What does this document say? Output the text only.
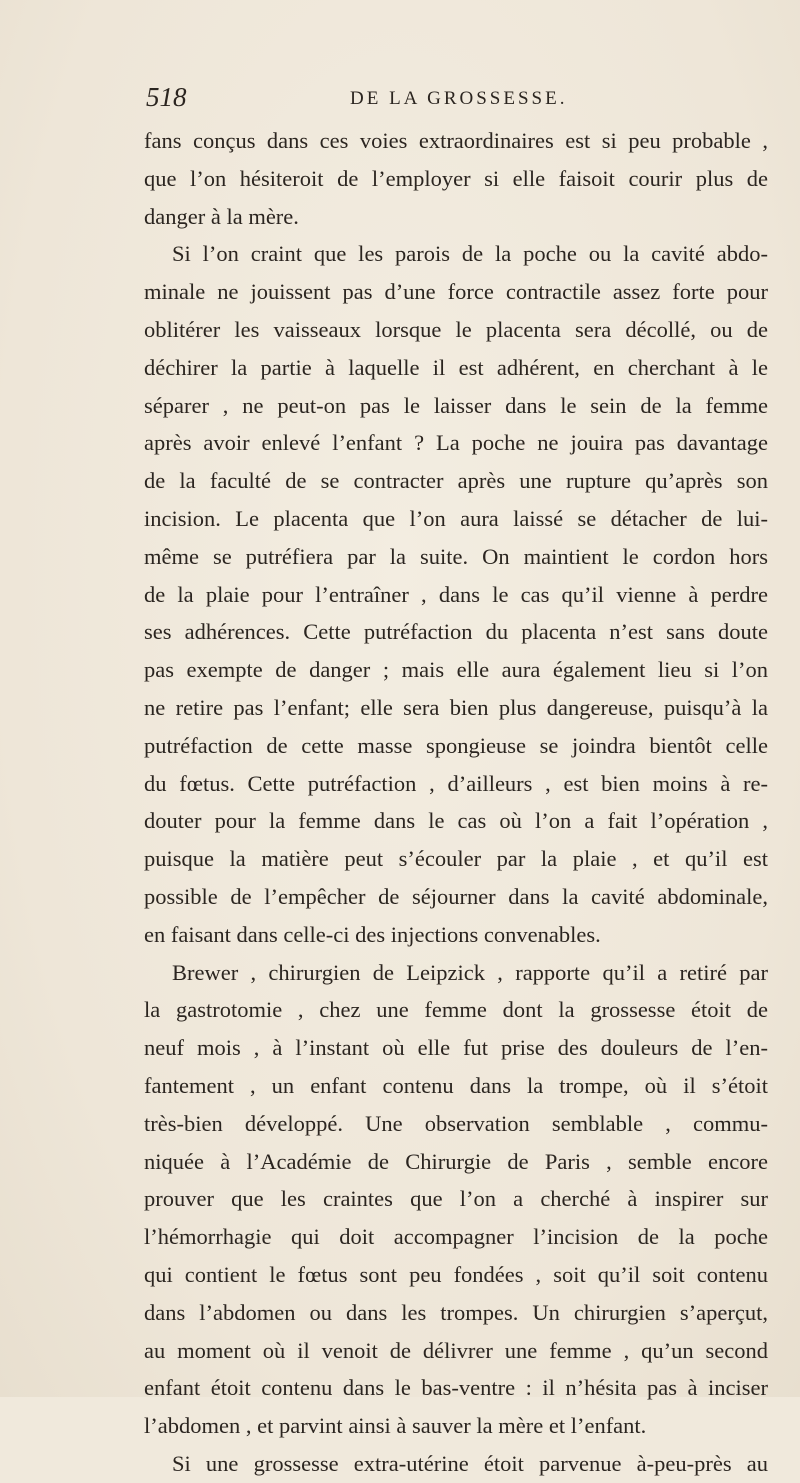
518	DE LA GROSSESSE.
fans conçus dans ces voies extraordinaires est si peu probable ,
que l’on hésiteroit de l’employer si elle faisoit courir plus de
danger à la mère.
Si l’on craint que les parois de la poche ou la cavité abdo-
minale ne jouissent pas d’une force contractile assez forte pour
oblitérer les vaisseaux lorsque le placenta sera décollé, ou de
déchirer la partie à laquelle il est adhérent, en cherchant à le
séparer , ne peut-on pas le laisser dans le sein de la femme
après avoir enlevé l’enfant ? La poche ne jouira pas davantage
de la faculté de se contracter après une rupture qu’après son
incision. Le placenta que l’on aura laissé se détacher de lui-
même se putréfiera par la suite. On maintient le cordon hors
de la plaie pour l’entraîner , dans le cas qu’il vienne à perdre
ses adhérences. Cette putréfaction du placenta n’est sans doute
pas exempte de danger ; mais elle aura également lieu si l’on
ne retire pas l’enfant; elle sera bien plus dangereuse, puisqu’à la
putréfaction de cette masse spongieuse se joindra bientôt celle
du fœtus. Cette putréfaction , d’ailleurs , est bien moins à re-
douter pour la femme dans le cas où l’on a fait l’opération ,
puisque la matière peut s’écouler par la plaie , et qu’il est
possible de l’empêcher de séjourner dans la cavité abdominale,
en faisant dans celle-ci des injections convenables.
Brewer , chirurgien de Leipzick , rapporte qu’il a retiré par
la gastrotomie , chez une femme dont la grossesse étoit de
neuf mois , à l’instant où elle fut prise des douleurs de l’en-
fantement , un enfant contenu dans la trompe, où il s’étoit
très-bien développé. Une observation semblable , commu-
niquée à l’Académie de Chirurgie de Paris , semble encore
prouver que les craintes que l’on a cherché à inspirer sur
l’hémorrhagie qui doit accompagner l’incision de la poche
qui contient le fœtus sont peu fondées , soit qu’il soit contenu
dans l’abdomen ou dans les trompes. Un chirurgien s’aperçut,
au moment où il venoit de délivrer une femme , qu’un second
enfant étoit contenu dans le bas-ventre : il n’hésita pas à inciser
l’abdomen , et parvint ainsi à sauver la mère et l’enfant.
Si une grossesse extra-utérine étoit parvenue à-peu-près au
